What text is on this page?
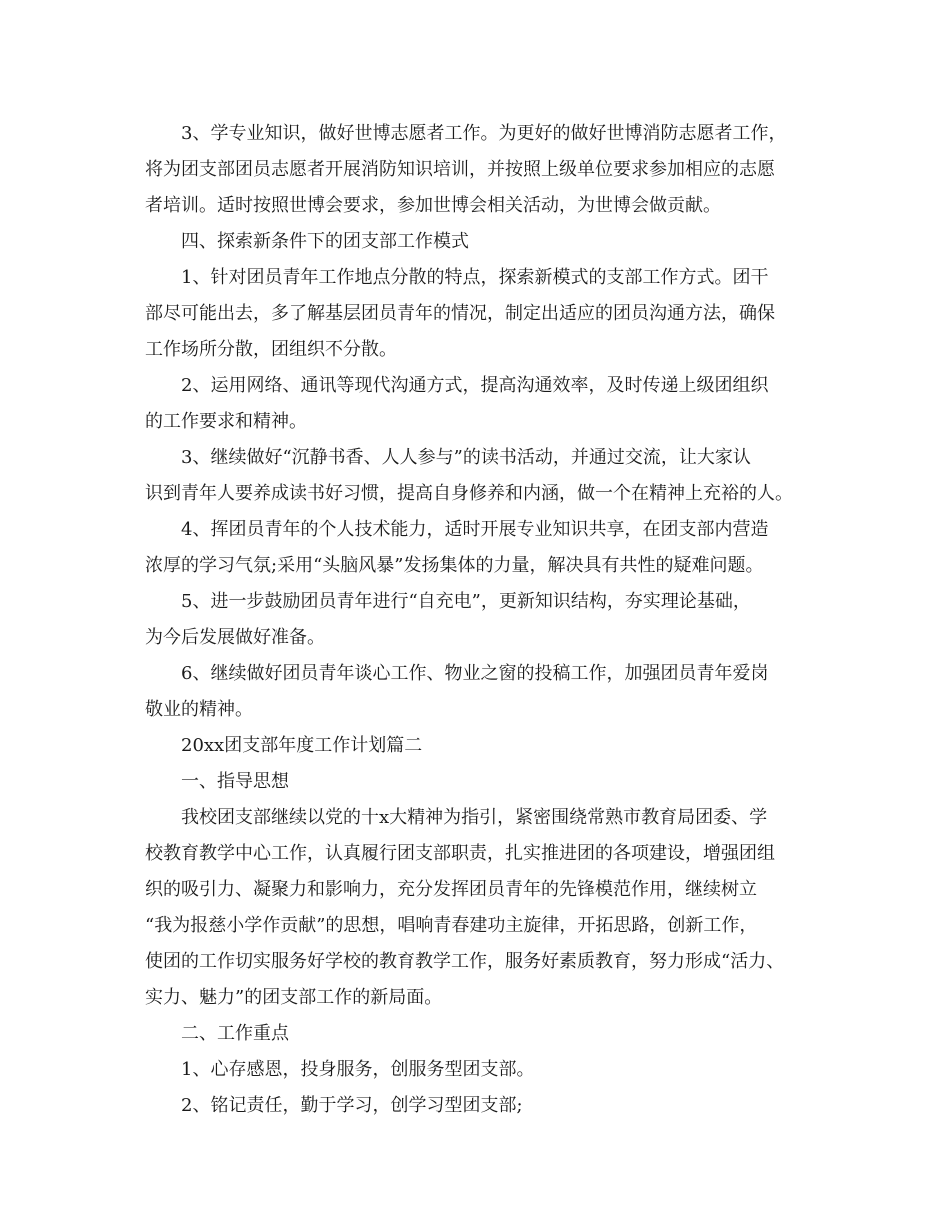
3、学专业知识，做好世博志愿者工作。为更好的做好世博消防志愿者工作，
将为团支部团员志愿者开展消防知识培训，并按照上级单位要求参加相应的志愿
者培训。适时按照世博会要求，参加世博会相关活动，为世博会做贡献。
四、探索新条件下的团支部工作模式
1、针对团员青年工作地点分散的特点，探索新模式的支部工作方式。团干
部尽可能出去，多了解基层团员青年的情况，制定出适应的团员沟通方法，确保
工作场所分散，团组织不分散。
2、运用网络、通讯等现代沟通方式，提高沟通效率，及时传递上级团组织
的工作要求和精神。
3、继续做好“沉静书香、人人参与”的读书活动，并通过交流，让大家认
识到青年人要养成读书好习惯，提高自身修养和内涵，做一个在精神上充裕的人。
4、挥团员青年的个人技术能力，适时开展专业知识共享，在团支部内营造
浓厚的学习气氛;采用“头脑风暴”发扬集体的力量，解决具有共性的疑难问题。
5、进一步鼓励团员青年进行“自充电”，更新知识结构，夯实理论基础，
为今后发展做好准备。
6、继续做好团员青年谈心工作、物业之窗的投稿工作，加强团员青年爱岗
敬业的精神。
20xx团支部年度工作计划篇二
一、指导思想
我校团支部继续以党的十x大精神为指引，紧密围绕常熟市教育局团委、学
校教育教学中心工作，认真履行团支部职责，扎实推进团的各项建设，增强团组
织的吸引力、凝聚力和影响力，充分发挥团员青年的先锋模范作用，继续树立
“我为报慈小学作贡献”的思想，唱响青春建功主旋律，开拓思路，创新工作，
使团的工作切实服务好学校的教育教学工作，服务好素质教育，努力形成“活力、
实力、魅力”的团支部工作的新局面。
二、工作重点
1、心存感恩，投身服务，创服务型团支部。
2、铭记责任，勤于学习，创学习型团支部;
